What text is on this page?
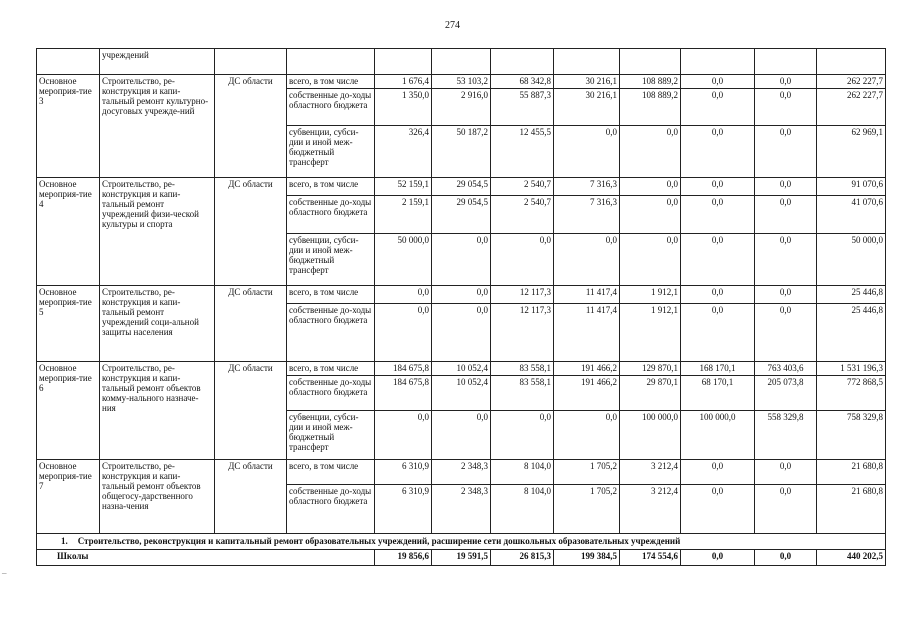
274
–
	учреждений										
Основное мероприя-тие 3	Строительство, ре-конструкция и капи-тальный ремонт культурно-досуговых учрежде-ний	ДС области	всего, в том числе	1 676,4	53 103,2	68 342,8	30 216,1	108 889,2	0,0	0,0	262 227,7
			собственные до-ходы областного бюджета	1 350,0	2 916,0	55 887,3	30 216,1	108 889,2	0,0	0,0	262 227,7
			субвенции, субси-дии и иной меж-бюджетный трансферт	326,4	50 187,2	12 455,5	0,0	0,0	0,0	0,0	62 969,1
Основное мероприя-тие 4	Строительство, ре-конструкция и капи-тальный ремонт учреждений физи-ческой культуры и спорта	ДС области	всего, в том числе	52 159,1	29 054,5	2 540,7	7 316,3	0,0	0,0	0,0	91 070,6
			собственные до-ходы областного бюджета	2 159,1	29 054,5	2 540,7	7 316,3	0,0	0,0	0,0	41 070,6
			субвенции, субси-дии и иной меж-бюджетный трансферт	50 000,0	0,0	0,0	0,0	0,0	0,0	0,0	50 000,0
Основное мероприя-тие 5	Строительство, ре-конструкция и капи-тальный ремонт учреждений соци-альной защиты населения	ДС области	всего, в том числе	0,0	0,0	12 117,3	11 417,4	1 912,1	0,0	0,0	25 446,8
			собственные до-ходы областного бюджета	0,0	0,0	12 117,3	11 417,4	1 912,1	0,0	0,0	25 446,8
Основное мероприя-тие 6	Строительство, ре-конструкция и капи-тальный ремонт объектов комму-нального назначе-ния	ДС области	всего, в том числе	184 675,8	10 052,4	83 558,1	191 466,2	129 870,1	168 170,1	763 403,6	1 531 196,3
			собственные до-ходы областного бюджета	184 675,8	10 052,4	83 558,1	191 466,2	29 870,1	68 170,1	205 073,8	772 868,5
			субвенции, субси-дии и иной меж-бюджетный трансферт	0,0	0,0	0,0	0,0	100 000,0	100 000,0	558 329,8	758 329,8
Основное мероприя-тие 7	Строительство, ре-конструкция и капи-тальный ремонт объектов общегосу-дарственного назна-чения	ДС области	всего, в том числе	6 310,9	2 348,3	8 104,0	1 705,2	3 212,4	0,0	0,0	21 680,8
			собственные до-ходы областного бюджета	6 310,9	2 348,3	8 104,0	1 705,2	3 212,4	0,0	0,0	21 680,8
1. Строительство, реконструкция и капитальный ремонт образовательных учреждений, расширение сети дошкольных образовательных учреждений											
Школы				19 856,6	19 591,5	26 815,3	199 384,5	174 554,6	0,0	0,0	440 202,5
